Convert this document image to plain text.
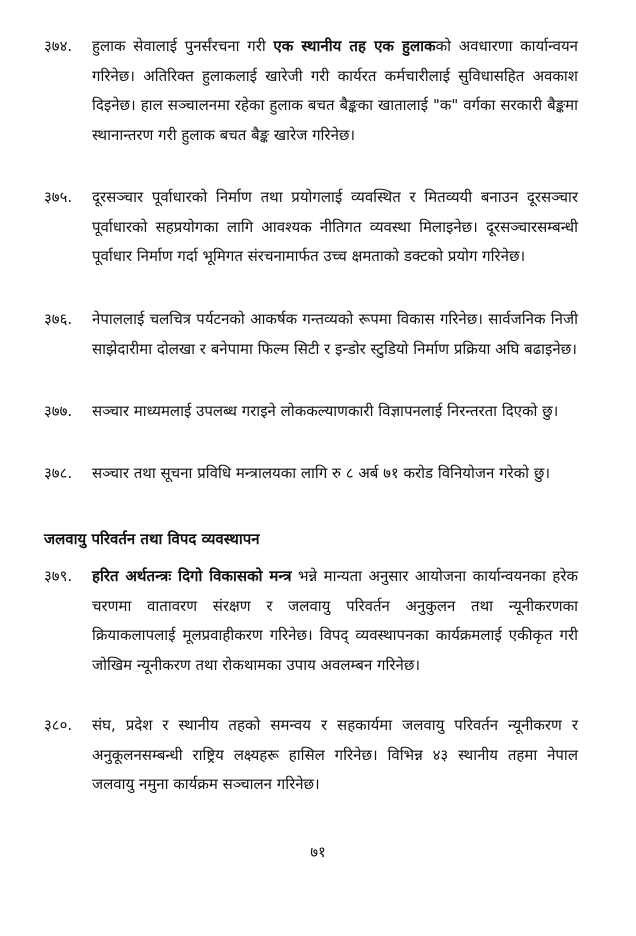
३७४.	हुलाक सेवालाई पुनर्संरचना गरी एक स्थानीय तह एक हुलाकको अवधारणा कार्यान्वयन गरिनेछ। अतिरिक्त हुलाकलाई खारेजी गरी कार्यरत कर्मचारीलाई सुविधासहित अवकाश दिइनेछ। हाल सञ्चालनमा रहेका हुलाक बचत बैङ्कका खातालाई "क" वर्गका सरकारी बैङ्कमा स्थानान्तरण गरी हुलाक बचत बैङ्क खारेज गरिनेछ।
३७५.	दूरसञ्चार पूर्वाधारको निर्माण तथा प्रयोगलाई व्यवस्थित र मितव्ययी बनाउन दूरसञ्चार पूर्वाधारको सहप्रयोगका लागि आवश्यक नीतिगत व्यवस्था मिलाइनेछ। दूरसञ्चारसम्बन्धी पूर्वाधार निर्माण गर्दा भूमिगत संरचनामार्फत उच्च क्षमताको डक्टको प्रयोग गरिनेछ।
३७६.	नेपाललाई चलचित्र पर्यटनको आकर्षक गन्तव्यको रूपमा विकास गरिनेछ। सार्वजनिक निजी साझेदारीमा दोलखा र बनेपामा फिल्म सिटी र इन्डोर स्टुडियो निर्माण प्रक्रिया अघि बढाइनेछ।
३७७.	सञ्चार माध्यमलाई उपलब्ध गराइने लोककल्याणकारी विज्ञापनलाई निरन्तरता दिएको छु।
३७८.	सञ्चार तथा सूचना प्रविधि मन्त्रालयका लागि रु ८ अर्ब ७१ करोड विनियोजन गरेको छु।
जलवायु परिवर्तन तथा विपद व्यवस्थापन
३७९.	हरित अर्थतन्त्रः दिगो विकासको मन्त्र भन्ने मान्यता अनुसार आयोजना कार्यान्वयनका हरेक चरणमा वातावरण संरक्षण र जलवायु परिवर्तन अनुकुलन तथा न्यूनीकरणका क्रियाकलापलाई मूलप्रवाहीकरण गरिनेछ। विपद् व्यवस्थापनका कार्यक्रमलाई एकीकृत गरी जोखिम न्यूनीकरण तथा रोकथामका उपाय अवलम्बन गरिनेछ।
३८०.	संघ, प्रदेश र स्थानीय तहको समन्वय र सहकार्यमा जलवायु परिवर्तन न्यूनीकरण र अनुकूलनसम्बन्धी राष्ट्रिय लक्ष्यहरू हासिल गरिनेछ। विभिन्न ४३ स्थानीय तहमा नेपाल जलवायु नमुना कार्यक्रम सञ्चालन गरिनेछ।
७१
